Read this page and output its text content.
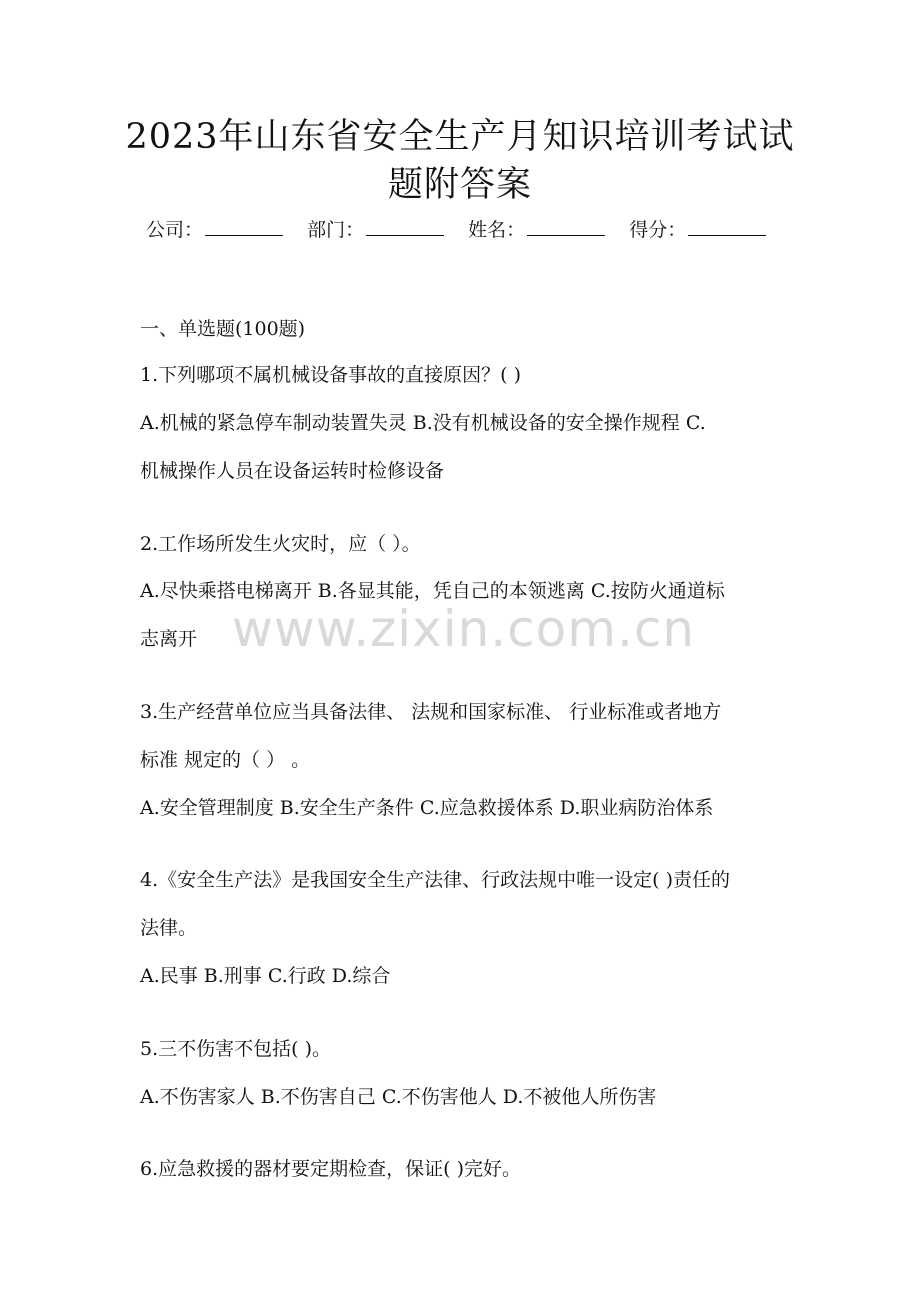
2023年山东省安全生产月知识培训考试试
题附答案
公司：	部门：	姓名：	得分：
一、单选题(100题)
1.下列哪项不属机械设备事故的直接原因？( )
A.机械的紧急停车制动装置失灵 B.没有机械设备的安全操作规程 C.
机械操作人员在设备运转时检修设备
2.工作场所发生火灾时，应（ ）。
A.尽快乘搭电梯离开 B.各显其能，凭自己的本领逃离 C.按防火通道标
志离开
3.生产经营单位应当具备法律、 法规和国家标准、 行业标准或者地方
标准 规定的（ ） 。
A.安全管理制度 B.安全生产条件 C.应急救援体系 D.职业病防治体系
4.《安全生产法》是我国安全生产法律、行政法规中唯一设定( )责任的
法律。
A.民事 B.刑事 C.行政 D.综合
5.三不伤害不包括( )。
A.不伤害家人 B.不伤害自己 C.不伤害他人 D.不被他人所伤害
6.应急救援的器材要定期检查，保证( )完好。
www.zixin.com.cn
